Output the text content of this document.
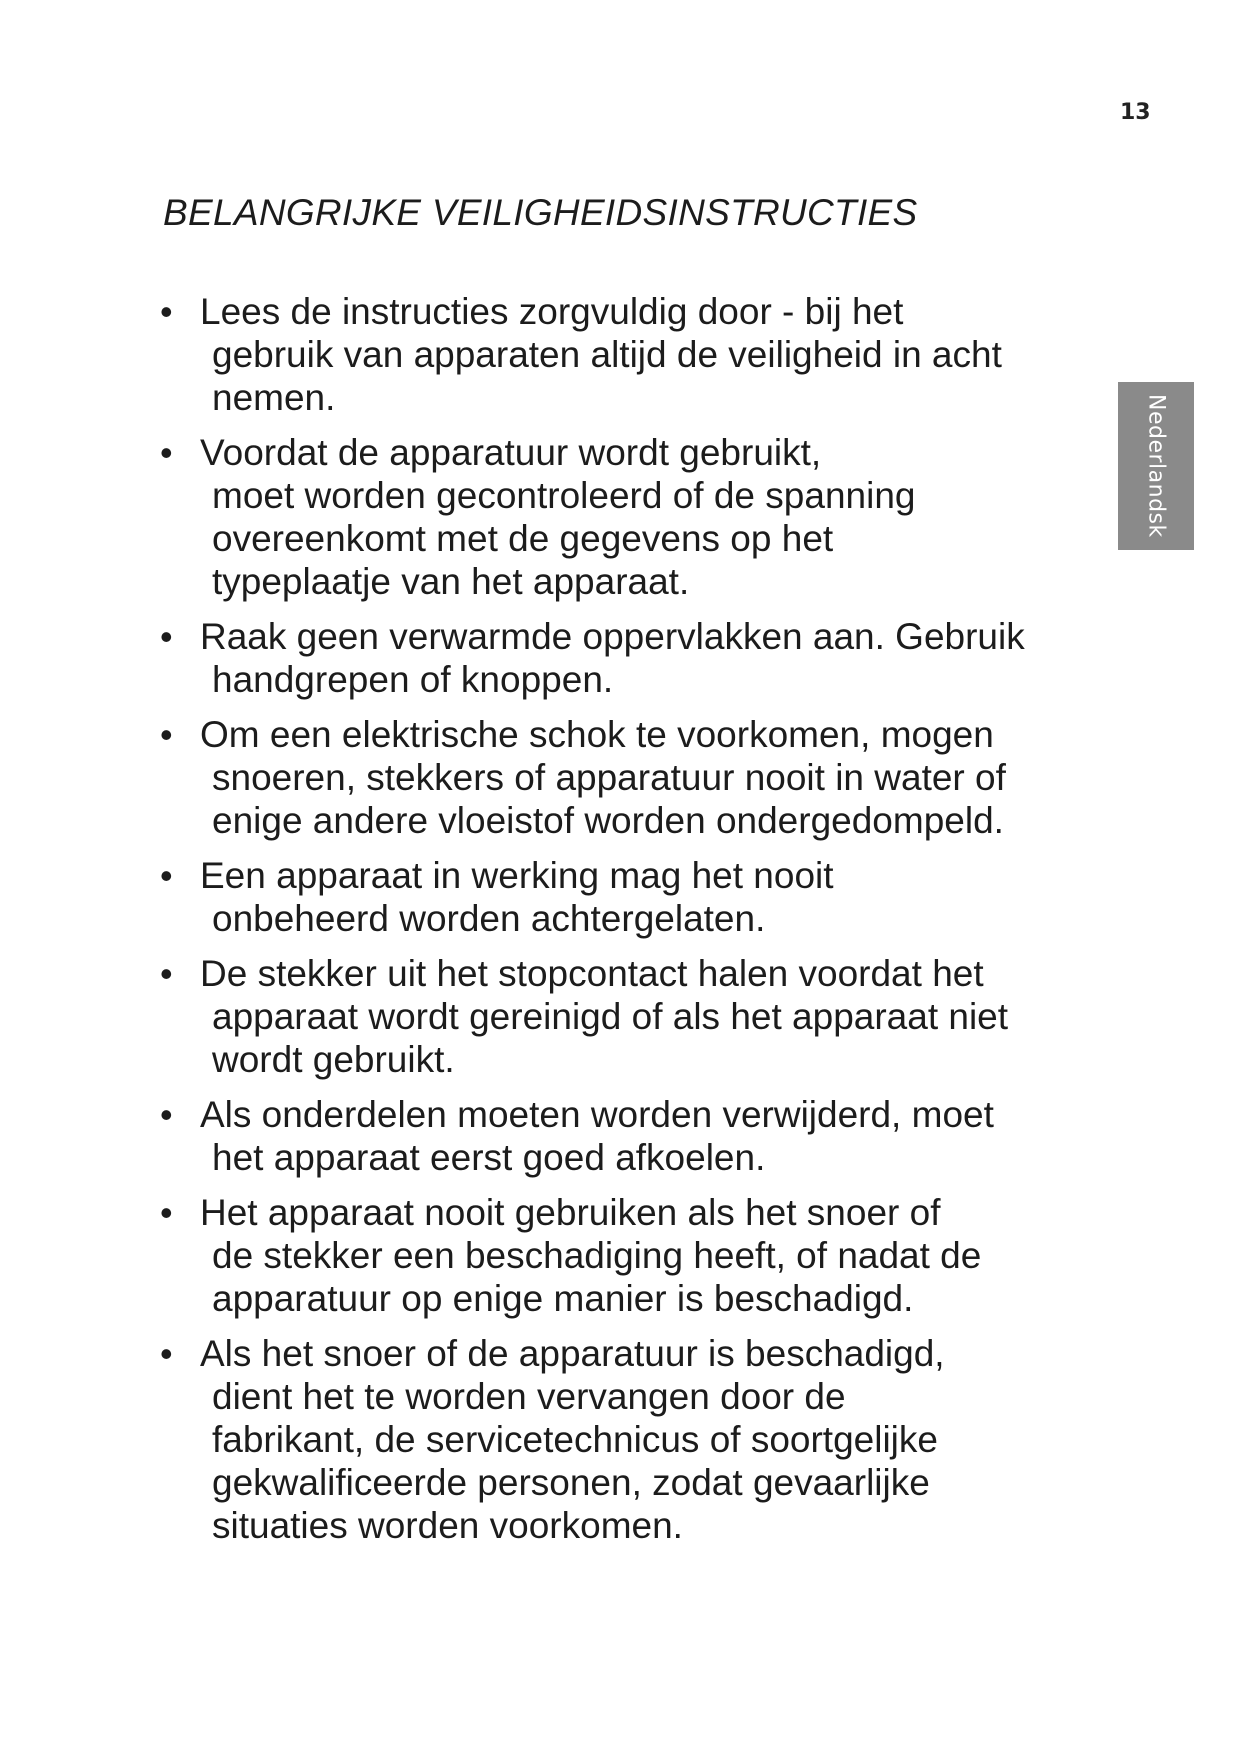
13
BELANGRIJKE VEILIGHEIDSINSTRUCTIES
Nederlandsk
• Lees de instructies zorgvuldig door - bij het
gebruik van apparaten altijd de veiligheid in acht
nemen.
• Voordat de apparatuur wordt gebruikt,
moet worden gecontroleerd of de spanning
overeenkomt met de gegevens op het
typeplaatje van het apparaat.
• Raak geen verwarmde oppervlakken aan. Gebruik
handgrepen of knoppen.
• Om een elektrische schok te voorkomen, mogen
snoeren, stekkers of apparatuur nooit in water of
enige andere vloeistof worden ondergedompeld.
• Een apparaat in werking mag het nooit
onbeheerd worden achtergelaten.
• De stekker uit het stopcontact halen voordat het
apparaat wordt gereinigd of als het apparaat niet
wordt gebruikt.
• Als onderdelen moeten worden verwijderd, moet
het apparaat eerst goed afkoelen.
• Het apparaat nooit gebruiken als het snoer of
de stekker een beschadiging heeft, of nadat de
apparatuur op enige manier is beschadigd.
• Als het snoer of de apparatuur is beschadigd,
dient het te worden vervangen door de
fabrikant, de servicetechnicus of soortgelijke
gekwalificeerde personen, zodat gevaarlijke
situaties worden voorkomen.
